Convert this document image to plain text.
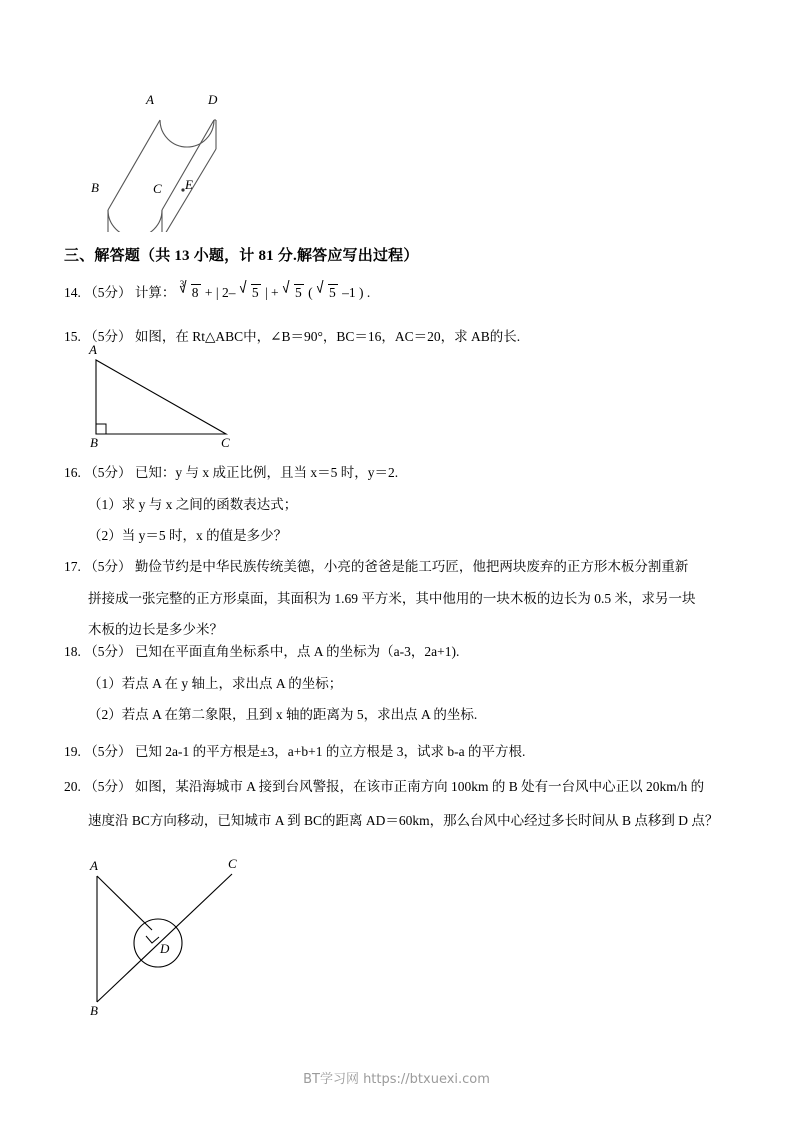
A	D
B	C E
三、解答题（共 13 小题，计 81 分.解答应写出过程）
14. （5分） 计算：
3
8 + | 2– 5 | + 5 ( 5 –1 ) .
15. （5分） 如图，在 Rt△ABC中，∠B＝90°，BC＝16，AC＝20，求 AB的长.
A
B	C
16. （5分） 已知：y 与 x 成正比例，且当 x＝5 时，y＝2.
（1）求 y 与 x 之间的函数表达式；
（2）当 y＝5 时，x 的值是多少？
17. （5分） 勤俭节约是中华民族传统美德，小亮的爸爸是能工巧匠，他把两块废弃的正方形木板分割重新
拼接成一张完整的正方形桌面，其面积为 1.69 平方米，其中他用的一块木板的边长为 0.5 米，求另一块
木板的边长是多少米？
18. （5分） 已知在平面直角坐标系中，点 A 的坐标为（a‑3，2a+1).
（1）若点 A 在 y 轴上，求出点 A 的坐标；
（2）若点 A 在第二象限，且到 x 轴的距离为 5，求出点 A 的坐标.
19. （5分） 已知 2a‑1 的平方根是±3，a+b+1 的立方根是 3，试求 b‑a 的平方根.
20. （5分） 如图，某沿海城市 A 接到台风警报，在该市正南方向 100km 的 B 处有一台风中心正以 20km/h 的
速度沿 BC方向移动，已知城市 A 到 BC的距离 AD＝60km，那么台风中心经过多长时间从 B 点移到 D 点？
A	C
B
D
BT学习网 https://btxuexi.com
